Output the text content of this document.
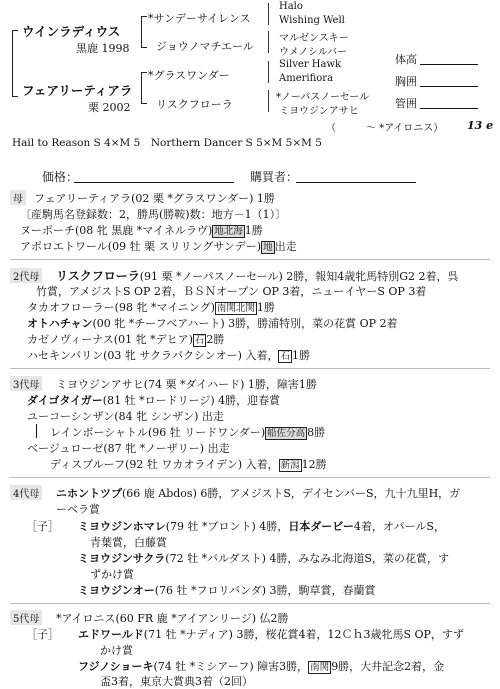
ウインラディウス
黒鹿 1998
フェアリーティアラ
栗 2002
*サンデーサイレンス
ジョウノマチエール
*グラスワンダー
リスクフローラ
Halo
Wishing Well
マルゼンスキー
ウメノシルバー
Silver Hawk
Amerifiora
*ノーパスノーセール
ミヨウジンアサヒ
（　　　～ *アイロニス） 13 e
体高
胸囲
管囲
Hail to Reason S 4×M 5　Northern Dancer S 5×M 5×M 5
価格：	購買者：
母 フェアリーティアラ(02 栗 *グラスワンダー) 1勝
〔産駒馬名登録数：2，勝馬(勝鞍)数：地方－1（1）〕
ヌーポーチ(08 牝 黒鹿 *マイネルラヴ) 地北海 1勝
アポロエトワール(09 牡 栗 スリリングサンデー) 地 出走
2代母 リスクフローラ(91 栗 *ノーパスノーセール) 2勝，報知4歳牝馬特別G2 2着，呉
竹賞，アメジストS OP 2着，ＢＳＮオープン OP 3着，ニューイヤーS OP 3着
タカオフローラー(98 牝 *マイニング) 南関北関 1勝
オトハチャン(00 牝 *チーフベアハート) 3勝，勝浦特別，菜の花賞 OP 2着
カゼノヴィーナス(01 牝 *デヒア) 石 2勝
ハセキンバリン(03 牝 サクラバクシンオー) 入着， 石 1勝
3代母 ミヨウジンアサヒ(74 栗 *ダイハード) 1勝，障害1勝
ダイゴタイガー(81 牡 *ロードリージ) 4勝，迎春賞
ユーコーシンザン(84 牝 シンザン) 出走
レインボーシャトル(96 牡 リードワンダー) 船佐分高 8勝
ベージュローゼ(87 牝 *ノーザリー) 出走
ディスブルーフ(92 牡 ワカオライデン) 入着， 新潟 12勝
4代母 ニホントツプ(66 鹿 Abdos) 6勝，アメジストS，デイセンバーS，九十九里H，ガ
ーベラ賞
［子］ ミヨウジンホマレ(79 牡 *ブロント) 4勝，日本ダービー4着，オパールS，
青葉賞，白藤賞
ミヨウジンサクラ(72 牡 *バルダスト) 4勝，みなみ北海道S，菜の花賞，す
ずかけ賞
ミヨウジンオー(76 牡 *フロリバンダ) 3勝，駒草賞，春蘭賞
5代母 *アイロニス(60 FR 鹿 *アイアンリージ) 仏2勝
［子］ エドワールド(71 牡 *ナディア) 3勝，桜花賞4着，12Ｃｈ3歳牝馬S OP，すず
かけ賞
フジノショーキ(74 牡 *ミシアーフ) 障害3勝， 南関 9勝，大井記念2着，金
盃3着，東京大賞典3着（2回）
